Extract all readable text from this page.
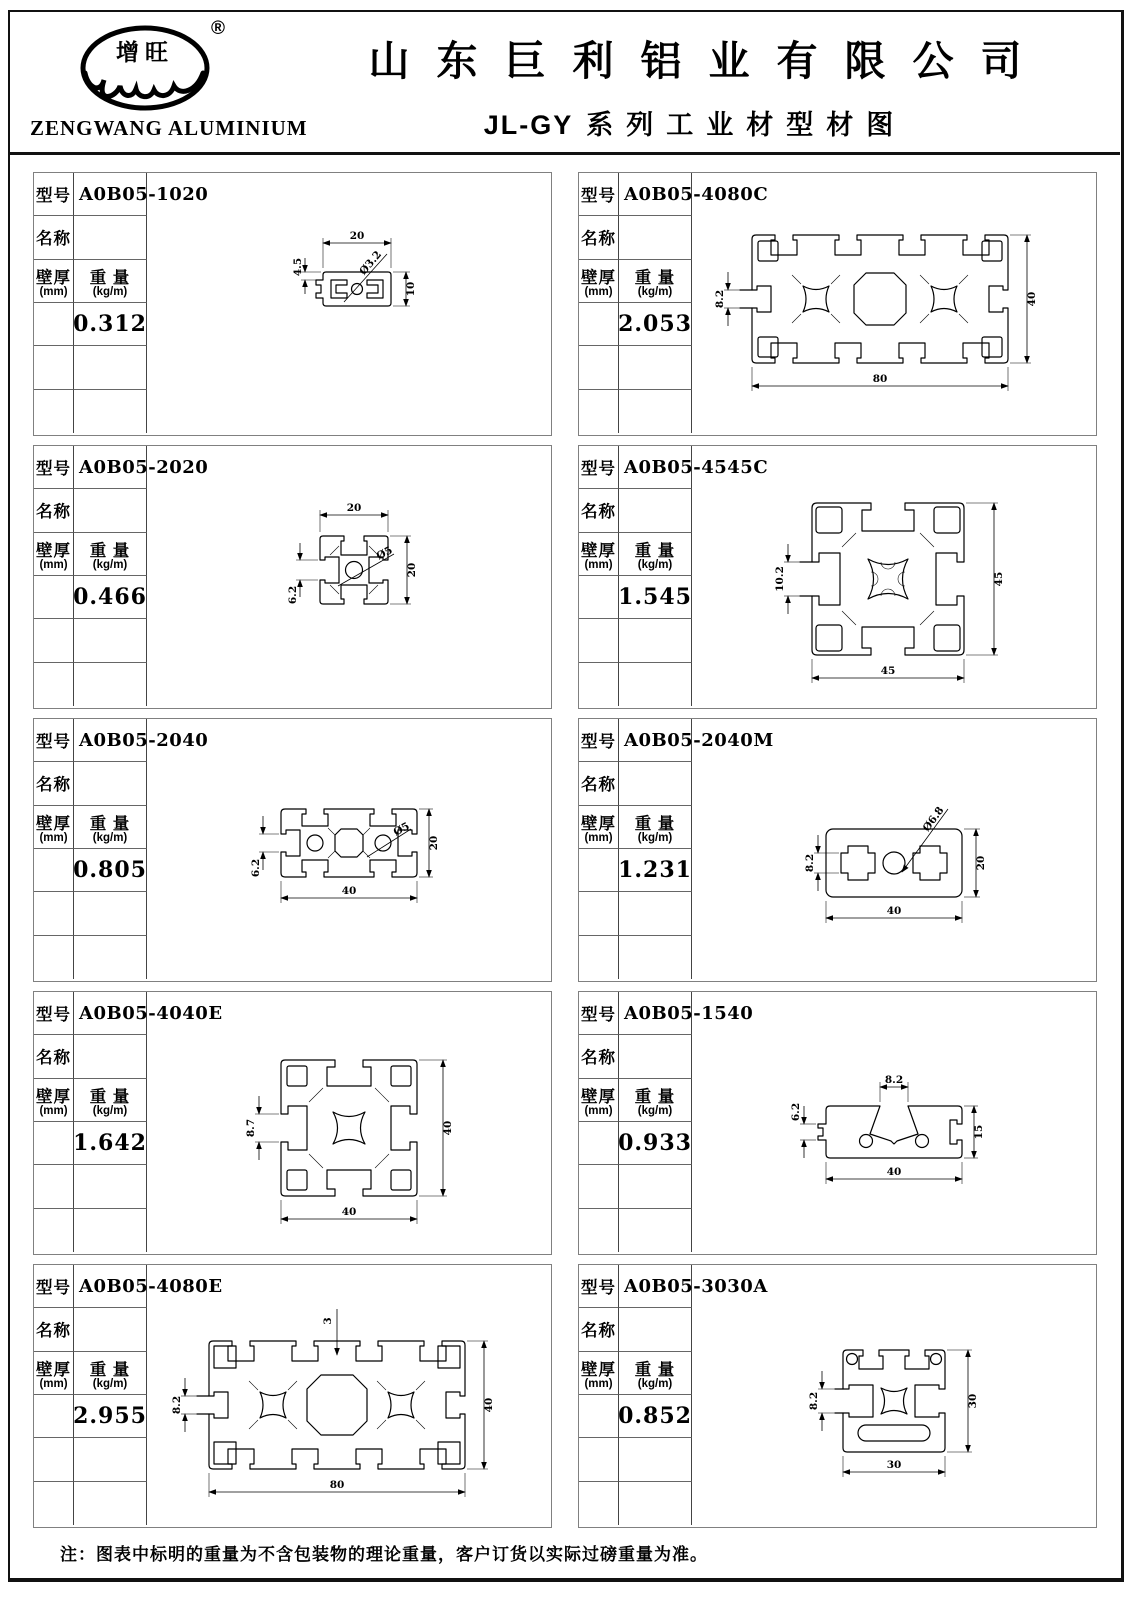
增旺
®
ZENGWANG ALUMINIUM
山东巨利铝业有限公司
JL-GY 系列工业材型材图
型号 A0B05-1020
名称
壁厚
(mm)
重 量
(kg/m)
0.312
20
4.5
10
Ø3.2
型号 A0B05-4080C
名称
壁厚
(mm)
重 量
(kg/m)
2.053
8.2	40
80
型号 A0B05-2020
名称
壁厚
(mm)
重 量
(kg/m)
0.466
20
6.2
20
Ø5
型号 A0B05-4545C
名称
壁厚
(mm)
重 量
(kg/m)
1.545
10.2	45
45
型号 A0B05-2040
名称
壁厚
(mm)
重 量
(kg/m)
0.805	6.2
20
40
Ø5
型号 A0B05-2040M
名称
壁厚
(mm)
重 量
(kg/m)
1.231
Ø6.8
8.2	20
40
型号 A0B05-4040E
名称
壁厚
(mm)
重 量
(kg/m)
1.642
8.7	40
40
型号 A0B05-1540
名称
壁厚
(mm)
重 量
(kg/m)
0.933
8.2
6.2
15
40
型号 A0B05-4080E
名称
壁厚
(mm)
重 量
(kg/m)
2.955
3
8.2	40
80
型号 A0B05-3030A
名称
壁厚
(mm)
重 量
(kg/m)
0.852
8.2	30
30
注：图表中标明的重量为不含包装物的理论重量，客户订货以实际过磅重量为准。
